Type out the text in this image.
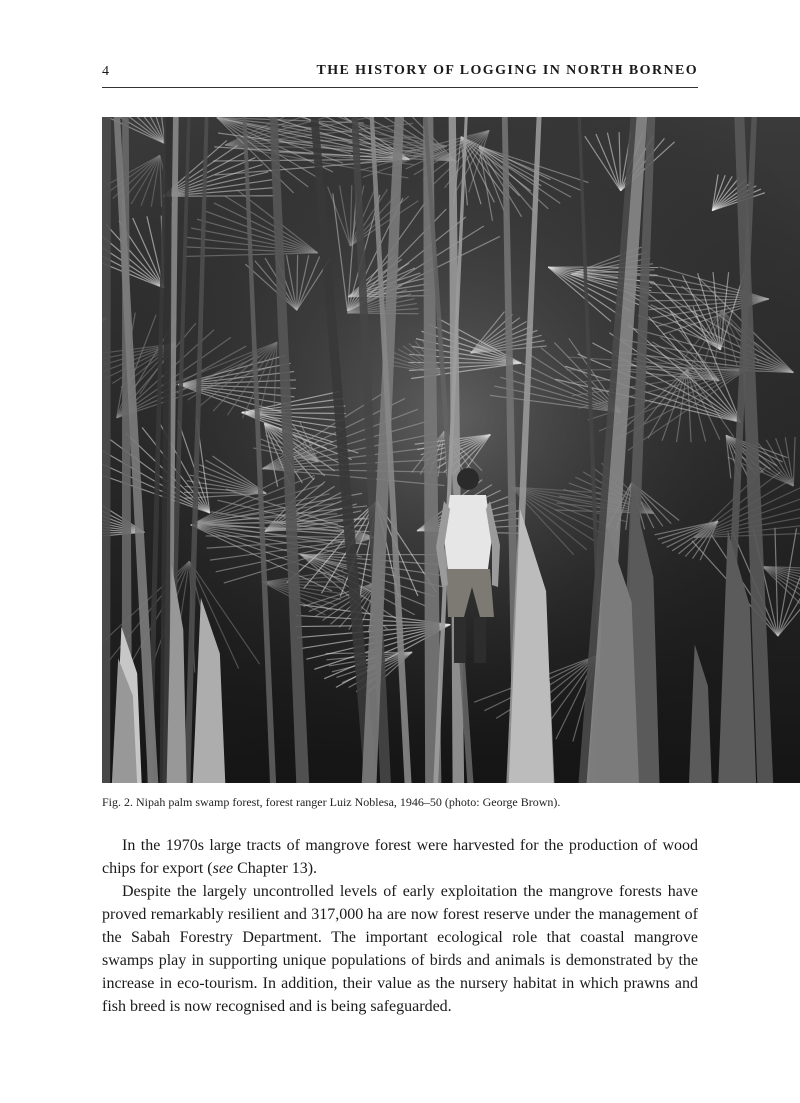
4	THE HISTORY OF LOGGING IN NORTH BORNEO
Fig. 2. Nipah palm swamp forest, forest ranger Luiz Noblesa, 1946–50 (photo: George Brown).

In the 1970s large tracts of mangrove forest were harvested for the production of wood chips for export (see Chapter 13).

Despite the largely uncontrolled levels of early exploitation the mangrove forests have proved remarkably resilient and 317,000 ha are now forest reserve under the management of the Sabah Forestry Department. The important ecological role that coastal mangrove swamps play in supporting unique populations of birds and animals is demonstrated by the increase in eco-tourism. In addition, their value as the nursery habitat in which prawns and fish breed is now recognised and is being safeguarded.
